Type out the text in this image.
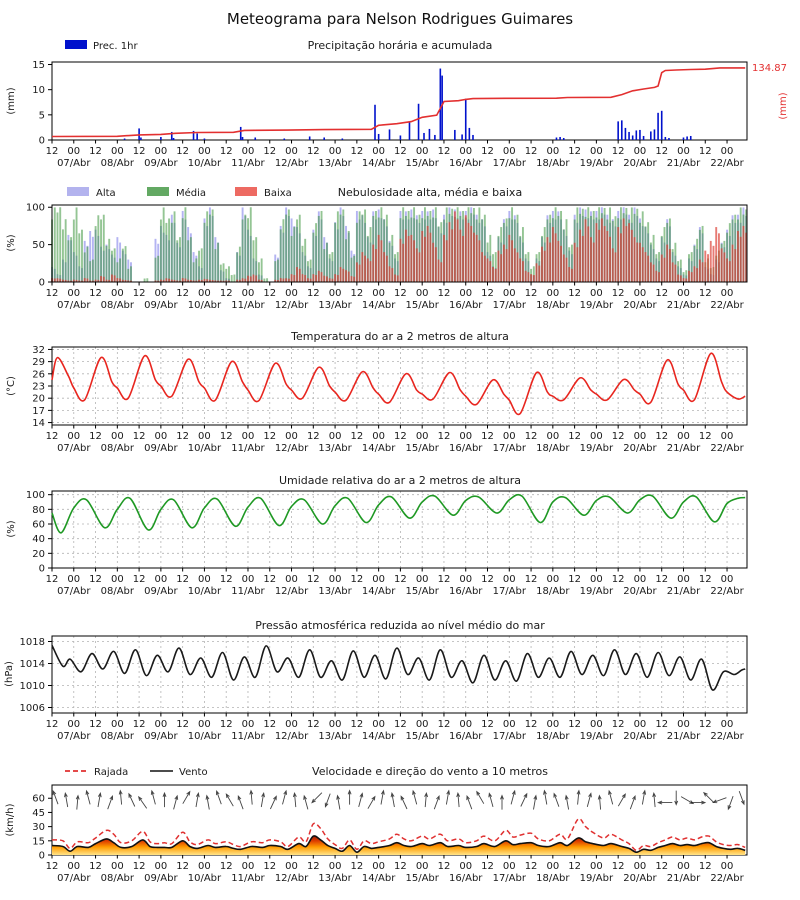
Meteograma para Nelson Rodrigues Guimares
Prec. 1hr	Precipitação horária e acumulada
(mm)
134.87
(mm)
0
5
10
15
12 00 12 00 12 00 12 00 12 00 12 00 12 00 12 00 12 00 12 00 12 00 12 00 12 00 12 00 12 00 12 00
07/Abr 08/Abr 09/Abr 10/Abr 11/Abr 12/Abr 13/Abr 14/Abr 15/Abr 16/Abr 17/Abr 18/Abr 19/Abr 20/Abr 21/Abr 22/Abr
Alta	Média	Baixa	Nebulosidade alta, média e baixa
(%)
0
50
100
12 00 12 00 12 00 12 00 12 00 12 00 12 00 12 00 12 00 12 00 12 00 12 00 12 00 12 00 12 00 12 00
07/Abr 08/Abr 09/Abr 10/Abr 11/Abr 12/Abr 13/Abr 14/Abr 15/Abr 16/Abr 17/Abr 18/Abr 19/Abr 20/Abr 21/Abr 22/Abr
Temperatura do ar a 2 metros de altura
(°C)
14
17
20
23
26
29
32
12 00 12 00 12 00 12 00 12 00 12 00 12 00 12 00 12 00 12 00 12 00 12 00 12 00 12 00 12 00 12 00
07/Abr 08/Abr 09/Abr 10/Abr 11/Abr 12/Abr 13/Abr 14/Abr 15/Abr 16/Abr 17/Abr 18/Abr 19/Abr 20/Abr 21/Abr 22/Abr
Umidade relativa do ar a 2 metros de altura
(%)
0
20
40
60
80
100
12 00 12 00 12 00 12 00 12 00 12 00 12 00 12 00 12 00 12 00 12 00 12 00 12 00 12 00 12 00 12 00
07/Abr 08/Abr 09/Abr 10/Abr 11/Abr 12/Abr 13/Abr 14/Abr 15/Abr 16/Abr 17/Abr 18/Abr 19/Abr 20/Abr 21/Abr 22/Abr
Pressão atmosférica reduzida ao nível médio do mar
(hPa)
1006
1010
1014
1018
12 00 12 00 12 00 12 00 12 00 12 00 12 00 12 00 12 00 12 00 12 00 12 00 12 00 12 00 12 00 12 00
07/Abr 08/Abr 09/Abr 10/Abr 11/Abr 12/Abr 13/Abr 14/Abr 15/Abr 16/Abr 17/Abr 18/Abr 19/Abr 20/Abr 21/Abr 22/Abr
Rajada	Vento	Velocidade e direção do vento a 10 metros
(km/h)
0
15
30
45
60
12 00 12 00 12 00 12 00 12 00 12 00 12 00 12 00 12 00 12 00 12 00 12 00 12 00 12 00 12 00 12 00
07/Abr 08/Abr 09/Abr 10/Abr 11/Abr 12/Abr 13/Abr 14/Abr 15/Abr 16/Abr 17/Abr 18/Abr 19/Abr 20/Abr 21/Abr 22/Abr
